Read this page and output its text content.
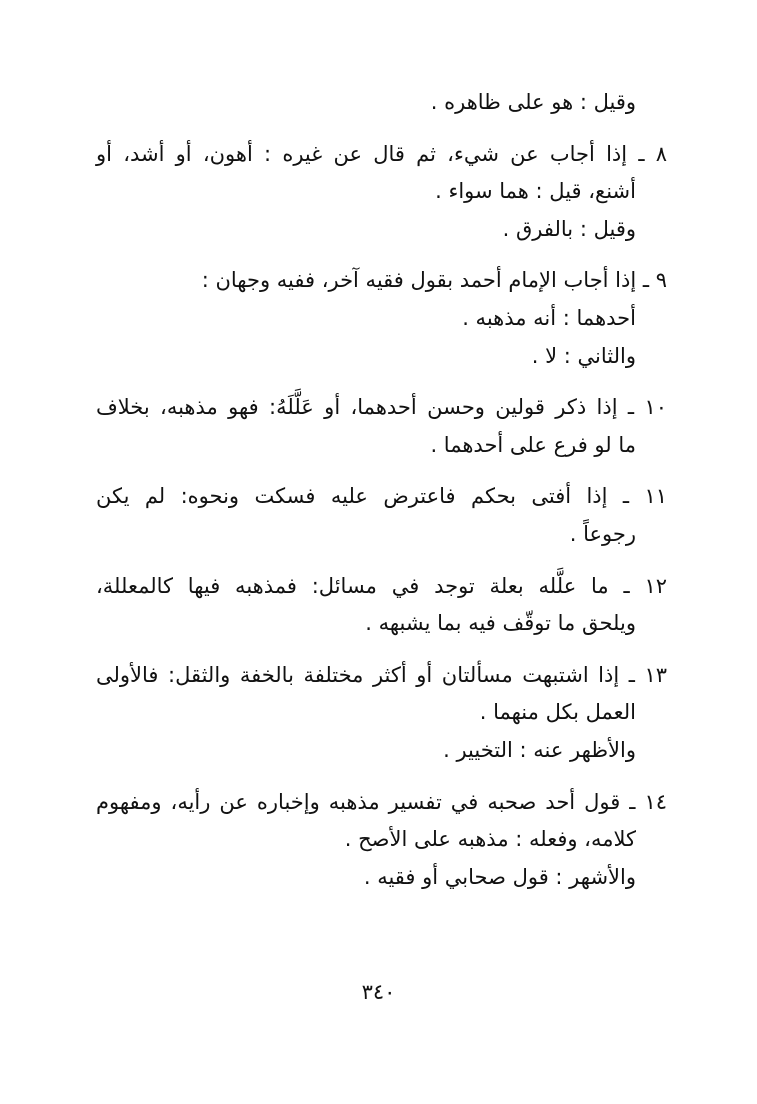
وقيل : هو على ظاهره .
٨ ـ إذا أجاب عن شيء، ثم قال عن غيره : أهون، أو أشد، أو
أشنع، قيل : هما سواء .
وقيل : بالفرق .
٩ ـ إذا أجاب الإمام أحمد بقول فقيه آخر، ففيه وجهان :
أحدهما : أنه مذهبه .
والثاني : لا .
١٠ ـ إذا ذكر قولين وحسن أحدهما، أو عَلَّلَهُ: فهو مذهبه، بخلاف
ما لو فرع على أحدهما .
١١ ـ إذا أفتى بحكم فاعترض عليه فسكت ونحوه: لم يكن
رجوعاً .
١٢ ـ ما علَّله بعلة توجد في مسائل: فمذهبه فيها كالمعللة،
ويلحق ما توقّف فيه بما يشبهه .
١٣ ـ إذا اشتبهت مسألتان أو أكثر مختلفة بالخفة والثقل: فالأولى
العمل بكل منهما .
والأظهر عنه : التخيير .
١٤ ـ قول أحد صحبه في تفسير مذهبه وإخباره عن رأيه، ومفهوم
كلامه، وفعله : مذهبه على الأصح .
والأشهر : قول صحابي أو فقيه .
٣٤٠
